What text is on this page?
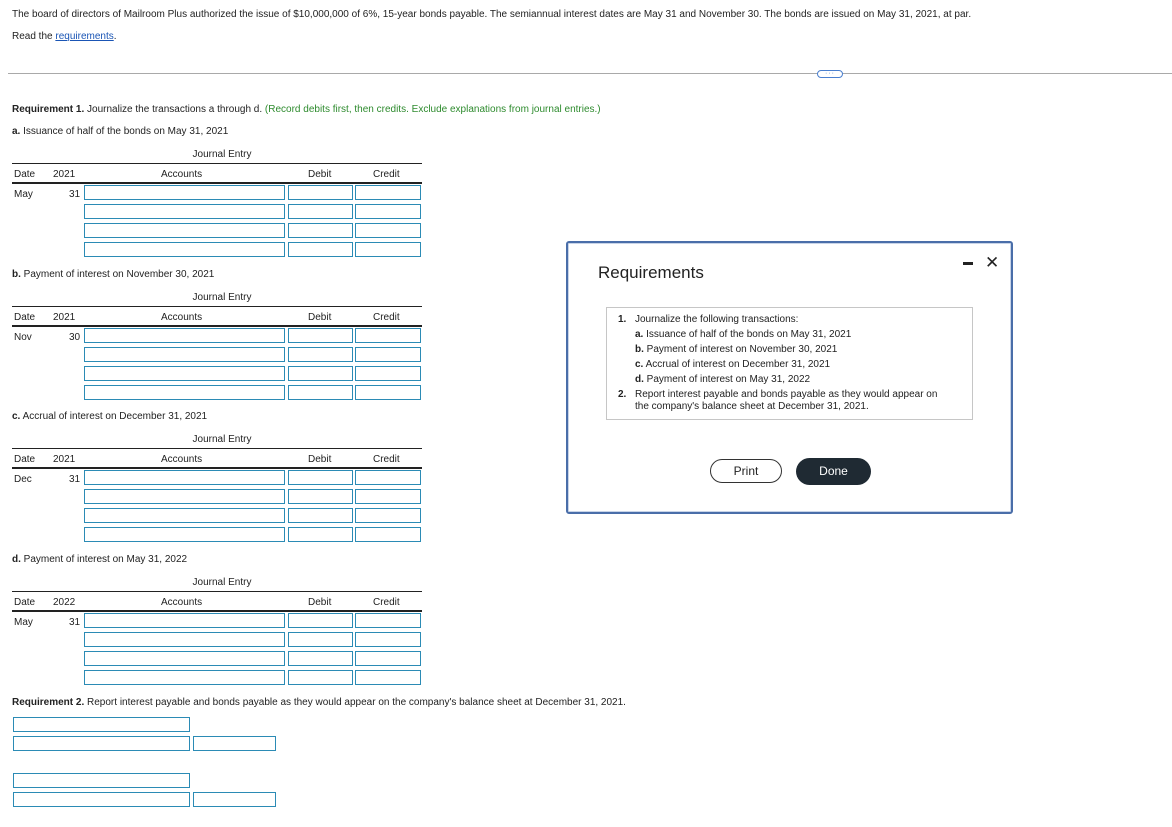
The board of directors of Mailroom Plus authorized the issue of $10,000,000 of 6%, 15-year bonds payable. The semiannual interest dates are May 31 and November 30. The bonds are issued on May 31, 2021, at par.
Read the requirements.
···
Requirement 1. Journalize the transactions a through d. (Record debits first, then credits. Exclude explanations from journal entries.)
a. Issuance of half of the bonds on May 31, 2021
Journal Entry
Date 2021	Accounts	Debit	Credit
May	31
b. Payment of interest on November 30, 2021
Journal Entry
Date 2021	Accounts	Debit	Credit
Nov	30
c. Accrual of interest on December 31, 2021
Journal Entry
Date 2021	Accounts	Debit	Credit
Dec	31
d. Payment of interest on May 31, 2022
Journal Entry
Date 2022	Accounts	Debit	Credit
May	31
Requirement 2. Report interest payable and bonds payable as they would appear on the company's balance sheet at December 31, 2021.
Requirements
✕
1. Journalize the following transactions:
a. Issuance of half of the bonds on May 31, 2021
b. Payment of interest on November 30, 2021
c. Accrual of interest on December 31, 2021
d. Payment of interest on May 31, 2022
2. Report interest payable and bonds payable as they would appear on
the company's balance sheet at December 31, 2021.
Print	Done
